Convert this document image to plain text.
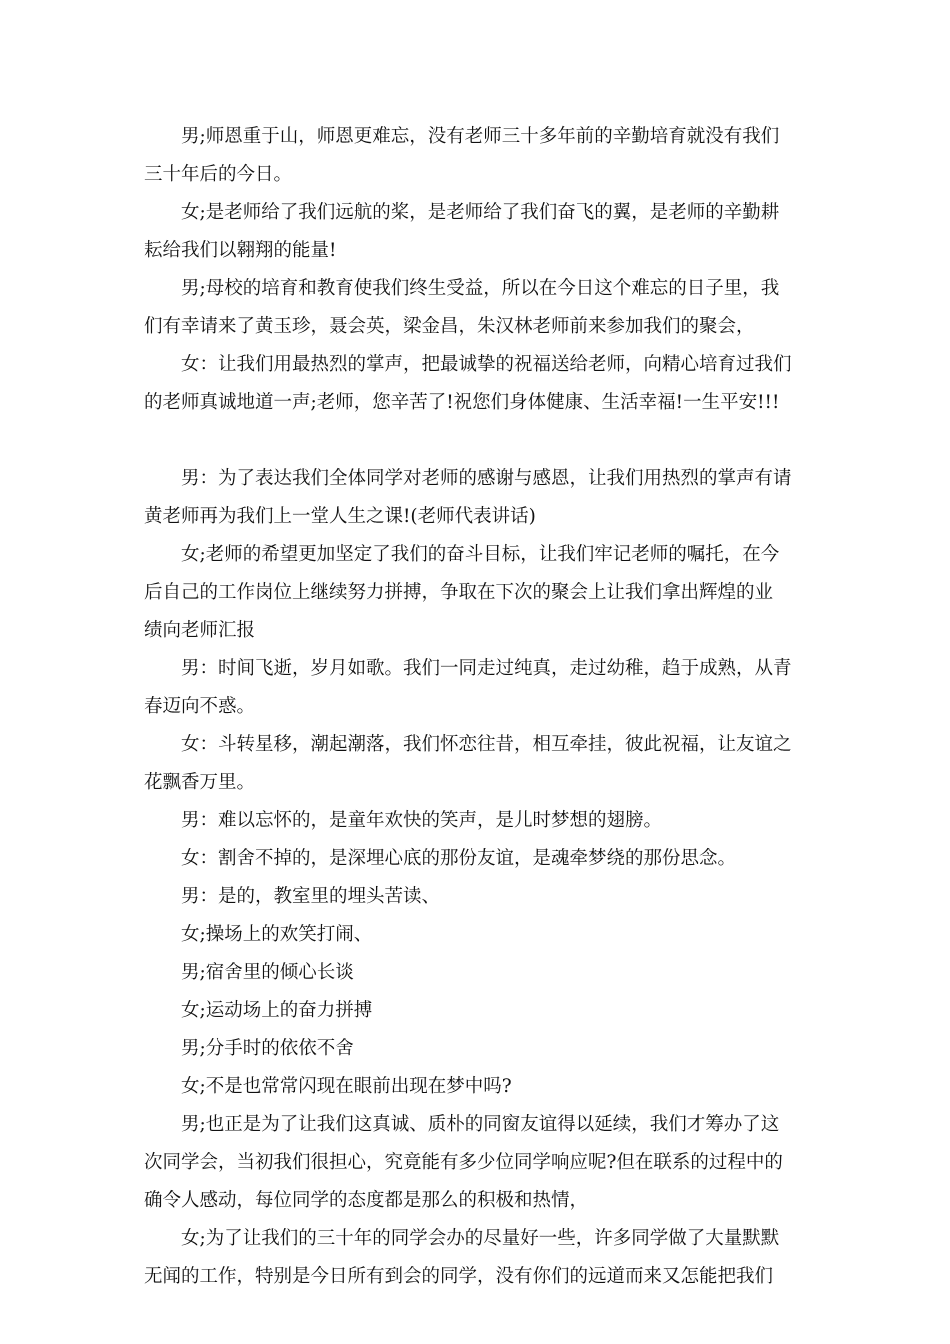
男;师恩重于山，师恩更难忘，没有老师三十多年前的辛勤培育就没有我们
三十年后的今日。

女;是老师给了我们远航的桨，是老师给了我们奋飞的翼，是老师的辛勤耕
耘给我们以翱翔的能量!

男;母校的培育和教育使我们终生受益，所以在今日这个难忘的日子里，我
们有幸请来了黄玉珍，聂会英，梁金昌，朱汉林老师前来参加我们的聚会，

女：让我们用最热烈的掌声，把最诚挚的祝福送给老师，向精心培育过我们
的老师真诚地道一声;老师，您辛苦了!祝您们身体健康、生活幸福!一生平安!!!

男：为了表达我们全体同学对老师的感谢与感恩，让我们用热烈的掌声有请
黄老师再为我们上一堂人生之课!(老师代表讲话)

女;老师的希望更加坚定了我们的奋斗目标，让我们牢记老师的嘱托，在今
后自己的工作岗位上继续努力拼搏，争取在下次的聚会上让我们拿出辉煌的业
绩向老师汇报

男：时间飞逝，岁月如歌。我们一同走过纯真，走过幼稚，趋于成熟，从青
春迈向不惑。

女：斗转星移，潮起潮落，我们怀恋往昔，相互牵挂，彼此祝福，让友谊之
花飘香万里。

男：难以忘怀的，是童年欢快的笑声，是儿时梦想的翅膀。

女：割舍不掉的，是深埋心底的那份友谊，是魂牵梦绕的那份思念。

男：是的，教室里的埋头苦读、

女;操场上的欢笑打闹、

男;宿舍里的倾心长谈

女;运动场上的奋力拼搏

男;分手时的依依不舍

女;不是也常常闪现在眼前出现在梦中吗?

男;也正是为了让我们这真诚、质朴的同窗友谊得以延续，我们才筹办了这
次同学会，当初我们很担心，究竟能有多少位同学响应呢?但在联系的过程中的
确令人感动，每位同学的态度都是那么的积极和热情，

女;为了让我们的三十年的同学会办的尽量好一些，许多同学做了大量默默
无闻的工作，特别是今日所有到会的同学，没有你们的远道而来又怎能把我们
